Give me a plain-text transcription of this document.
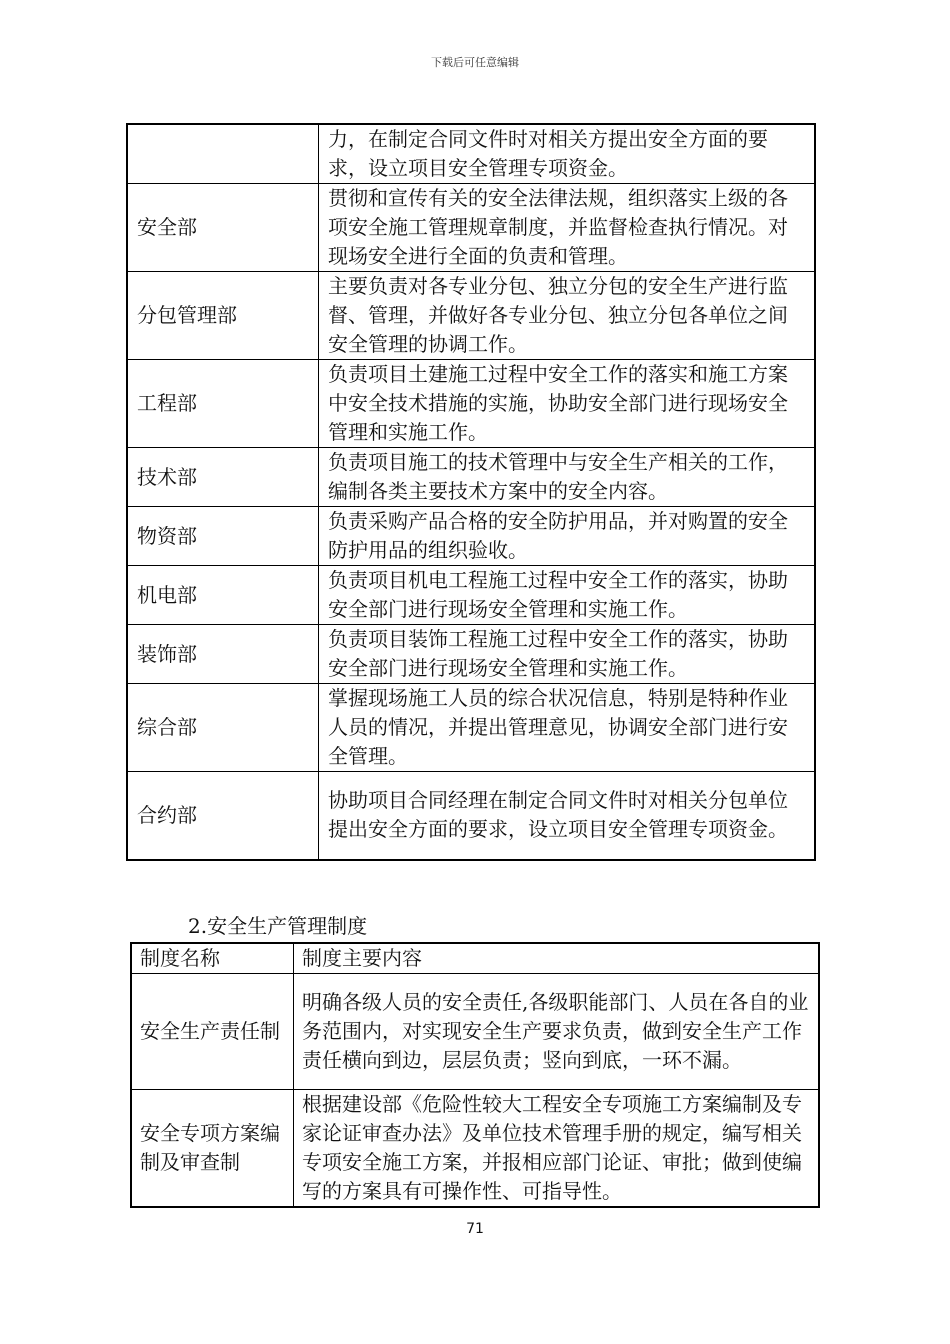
下载后可任意编辑
	力，在制定合同文件时对相关方提出安全方面的要求，设立项目安全管理专项资金。
安全部	贯彻和宣传有关的安全法律法规，组织落实上级的各项安全施工管理规章制度，并监督检查执行情况。对现场安全进行全面的负责和管理。
分包管理部	主要负责对各专业分包、独立分包的安全生产进行监督、管理，并做好各专业分包、独立分包各单位之间安全管理的协调工作。
工程部	负责项目土建施工过程中安全工作的落实和施工方案中安全技术措施的实施，协助安全部门进行现场安全管理和实施工作。
技术部	负责项目施工的技术管理中与安全生产相关的工作，编制各类主要技术方案中的安全内容。
物资部	负责采购产品合格的安全防护用品，并对购置的安全防护用品的组织验收。
机电部	负责项目机电工程施工过程中安全工作的落实，协助安全部门进行现场安全管理和实施工作。
装饰部	负责项目装饰工程施工过程中安全工作的落实，协助安全部门进行现场安全管理和实施工作。
综合部	掌握现场施工人员的综合状况信息，特别是特种作业人员的情况，并提出管理意见，协调安全部门进行安全管理。
合约部	协助项目合同经理在制定合同文件时对相关分包单位提出安全方面的要求，设立项目安全管理专项资金。
2.安全生产管理制度
制度名称	制度主要内容
安全生产责任制	明确各级人员的安全责任,各级职能部门、人员在各自的业务范围内，对实现安全生产要求负责，做到安全生产工作责任横向到边，层层负责；竖向到底，一环不漏。
安全专项方案编制及审查制	根据建设部《危险性较大工程安全专项施工方案编制及专家论证审查办法》及单位技术管理手册的规定，编写相关专项安全施工方案，并报相应部门论证、审批；做到使编写的方案具有可操作性、可指导性。
71
